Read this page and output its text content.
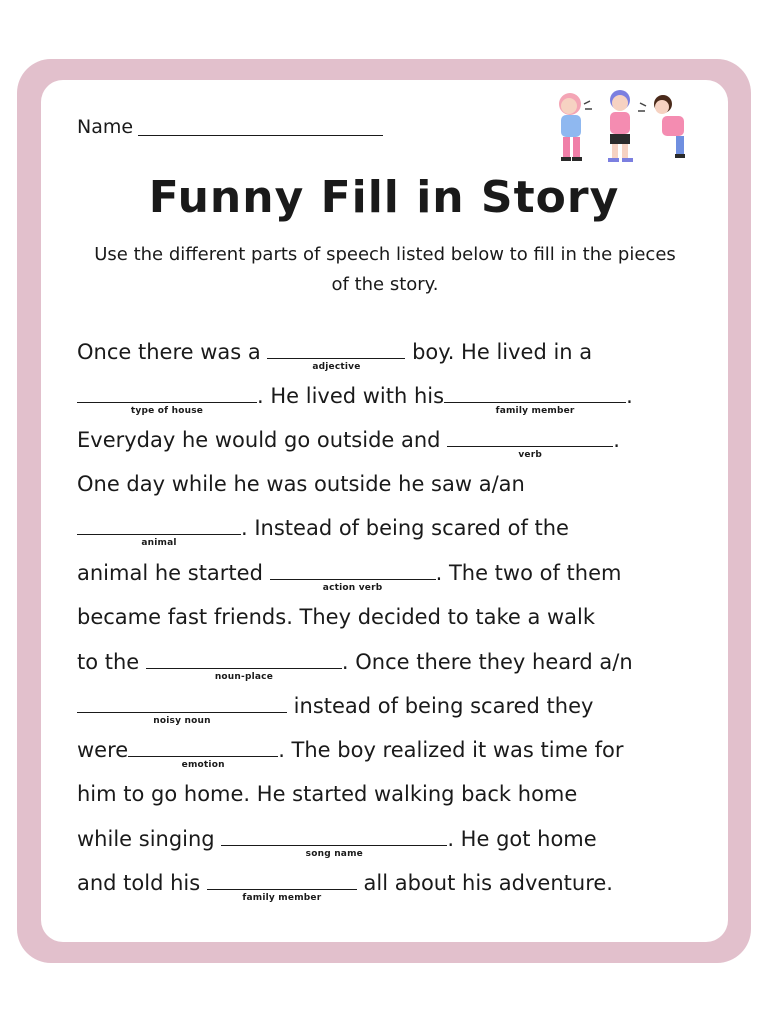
Name
Funny Fill in Story
Use the different parts of speech listed below to fill in the pieces of the story.
Once there was a
adjective
boy. He lived in a
type of house
. He lived with his
family member
.
Everyday he would go outside and
verb
.
One day while he was outside he saw a/an
animal
. Instead of being scared of the
animal he started
action verb
. The two of them
became fast friends. They decided to take a walk
to the
noun-place
. Once there they heard a/n
noisy noun
instead of being scared they
were
emotion
. The boy realized it was time for
him to go home. He started walking back home
while singing
song name
. He got home
and told his
family member
all about his adventure.
